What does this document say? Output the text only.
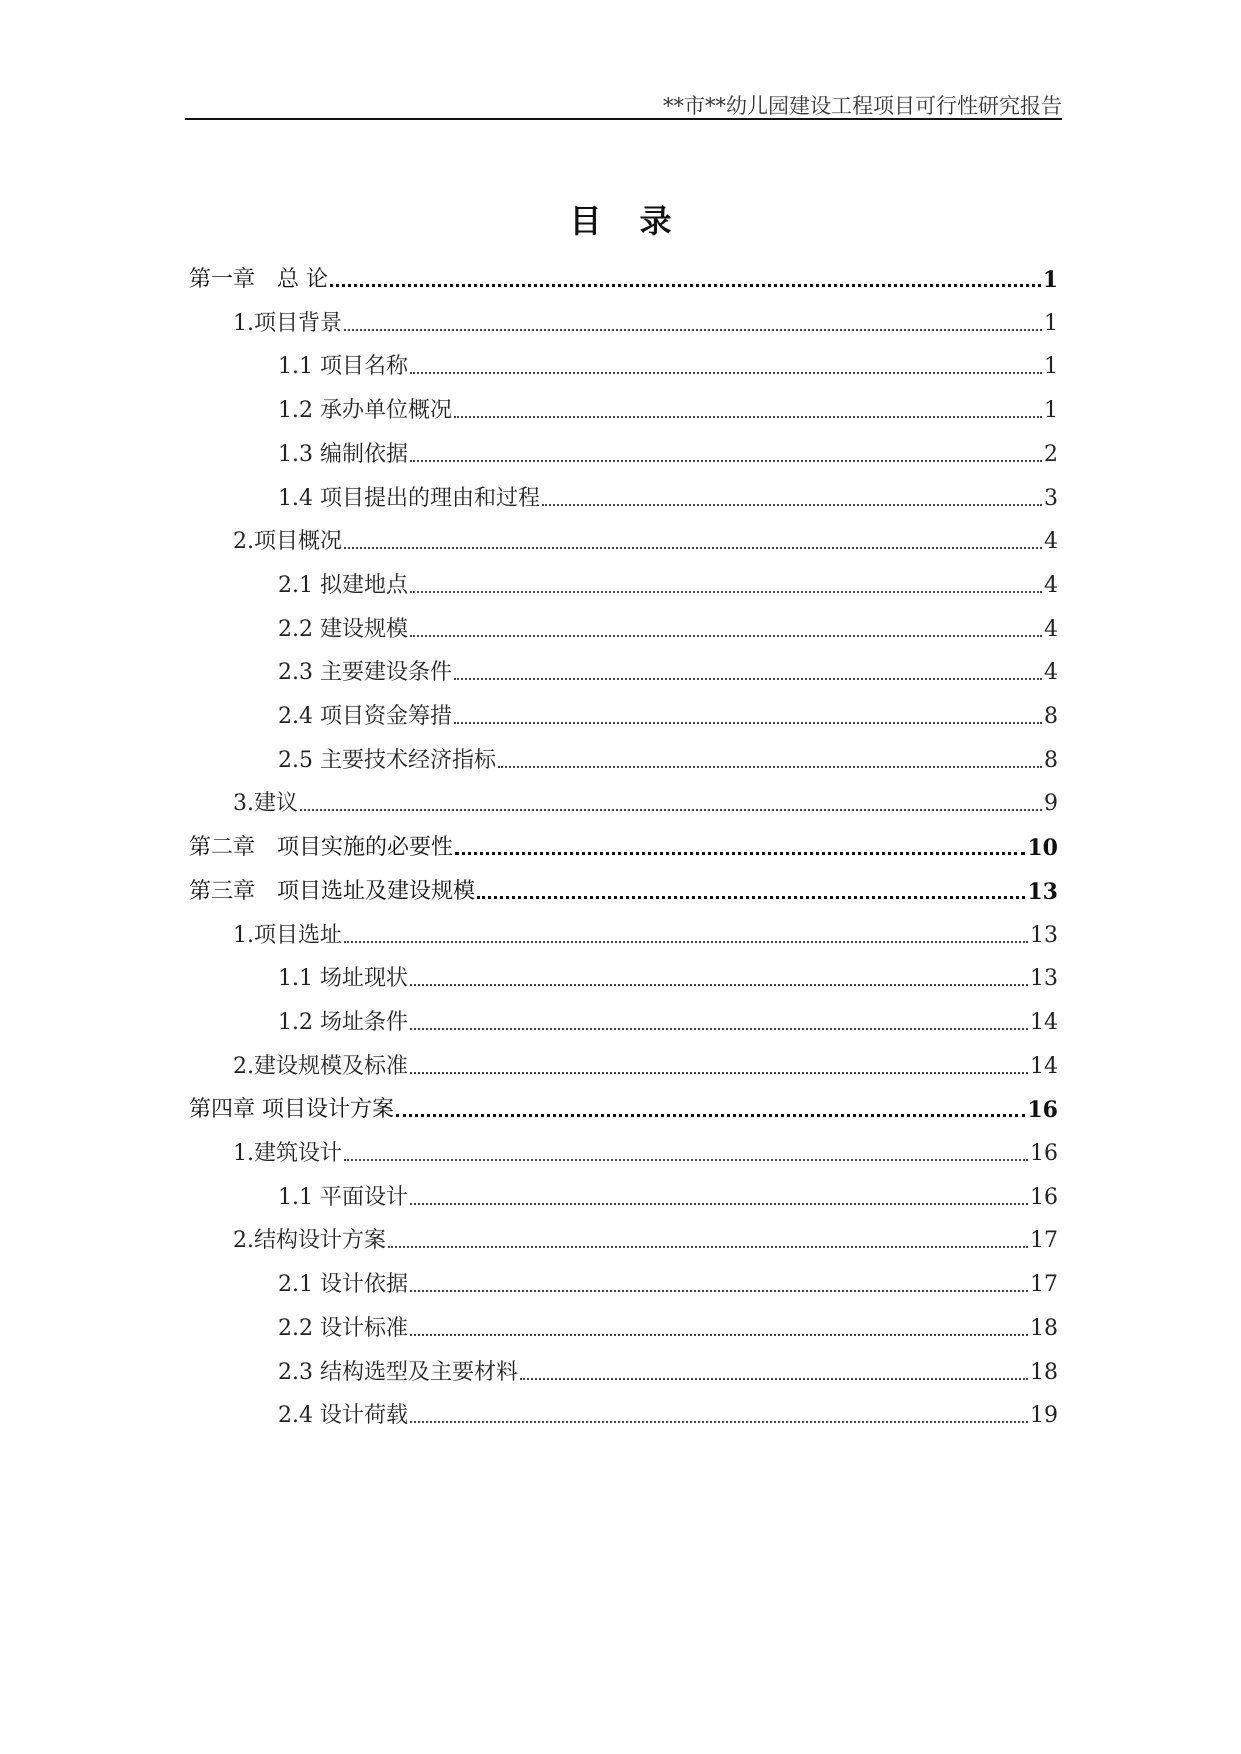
**市**幼儿园建设工程项目可行性研究报告
目录
第一章　总 论	1
1.项目背景	1
1.1 项目名称	1
1.2 承办单位概况	1
1.3 编制依据	2
1.4 项目提出的理由和过程	3
2.项目概况	4
2.1 拟建地点	4
2.2 建设规模	4
2.3 主要建设条件	4
2.4 项目资金筹措	8
2.5 主要技术经济指标	8
3.建议	9
第二章　项目实施的必要性	10
第三章　项目选址及建设规模	13
1.项目选址	13
1.1 场址现状	13
1.2 场址条件	14
2.建设规模及标准	14
第四章 项目设计方案	16
1.建筑设计	16
1.1 平面设计	16
2.结构设计方案	17
2.1 设计依据	17
2.2 设计标准	18
2.3 结构选型及主要材料	18
2.4 设计荷载	19
